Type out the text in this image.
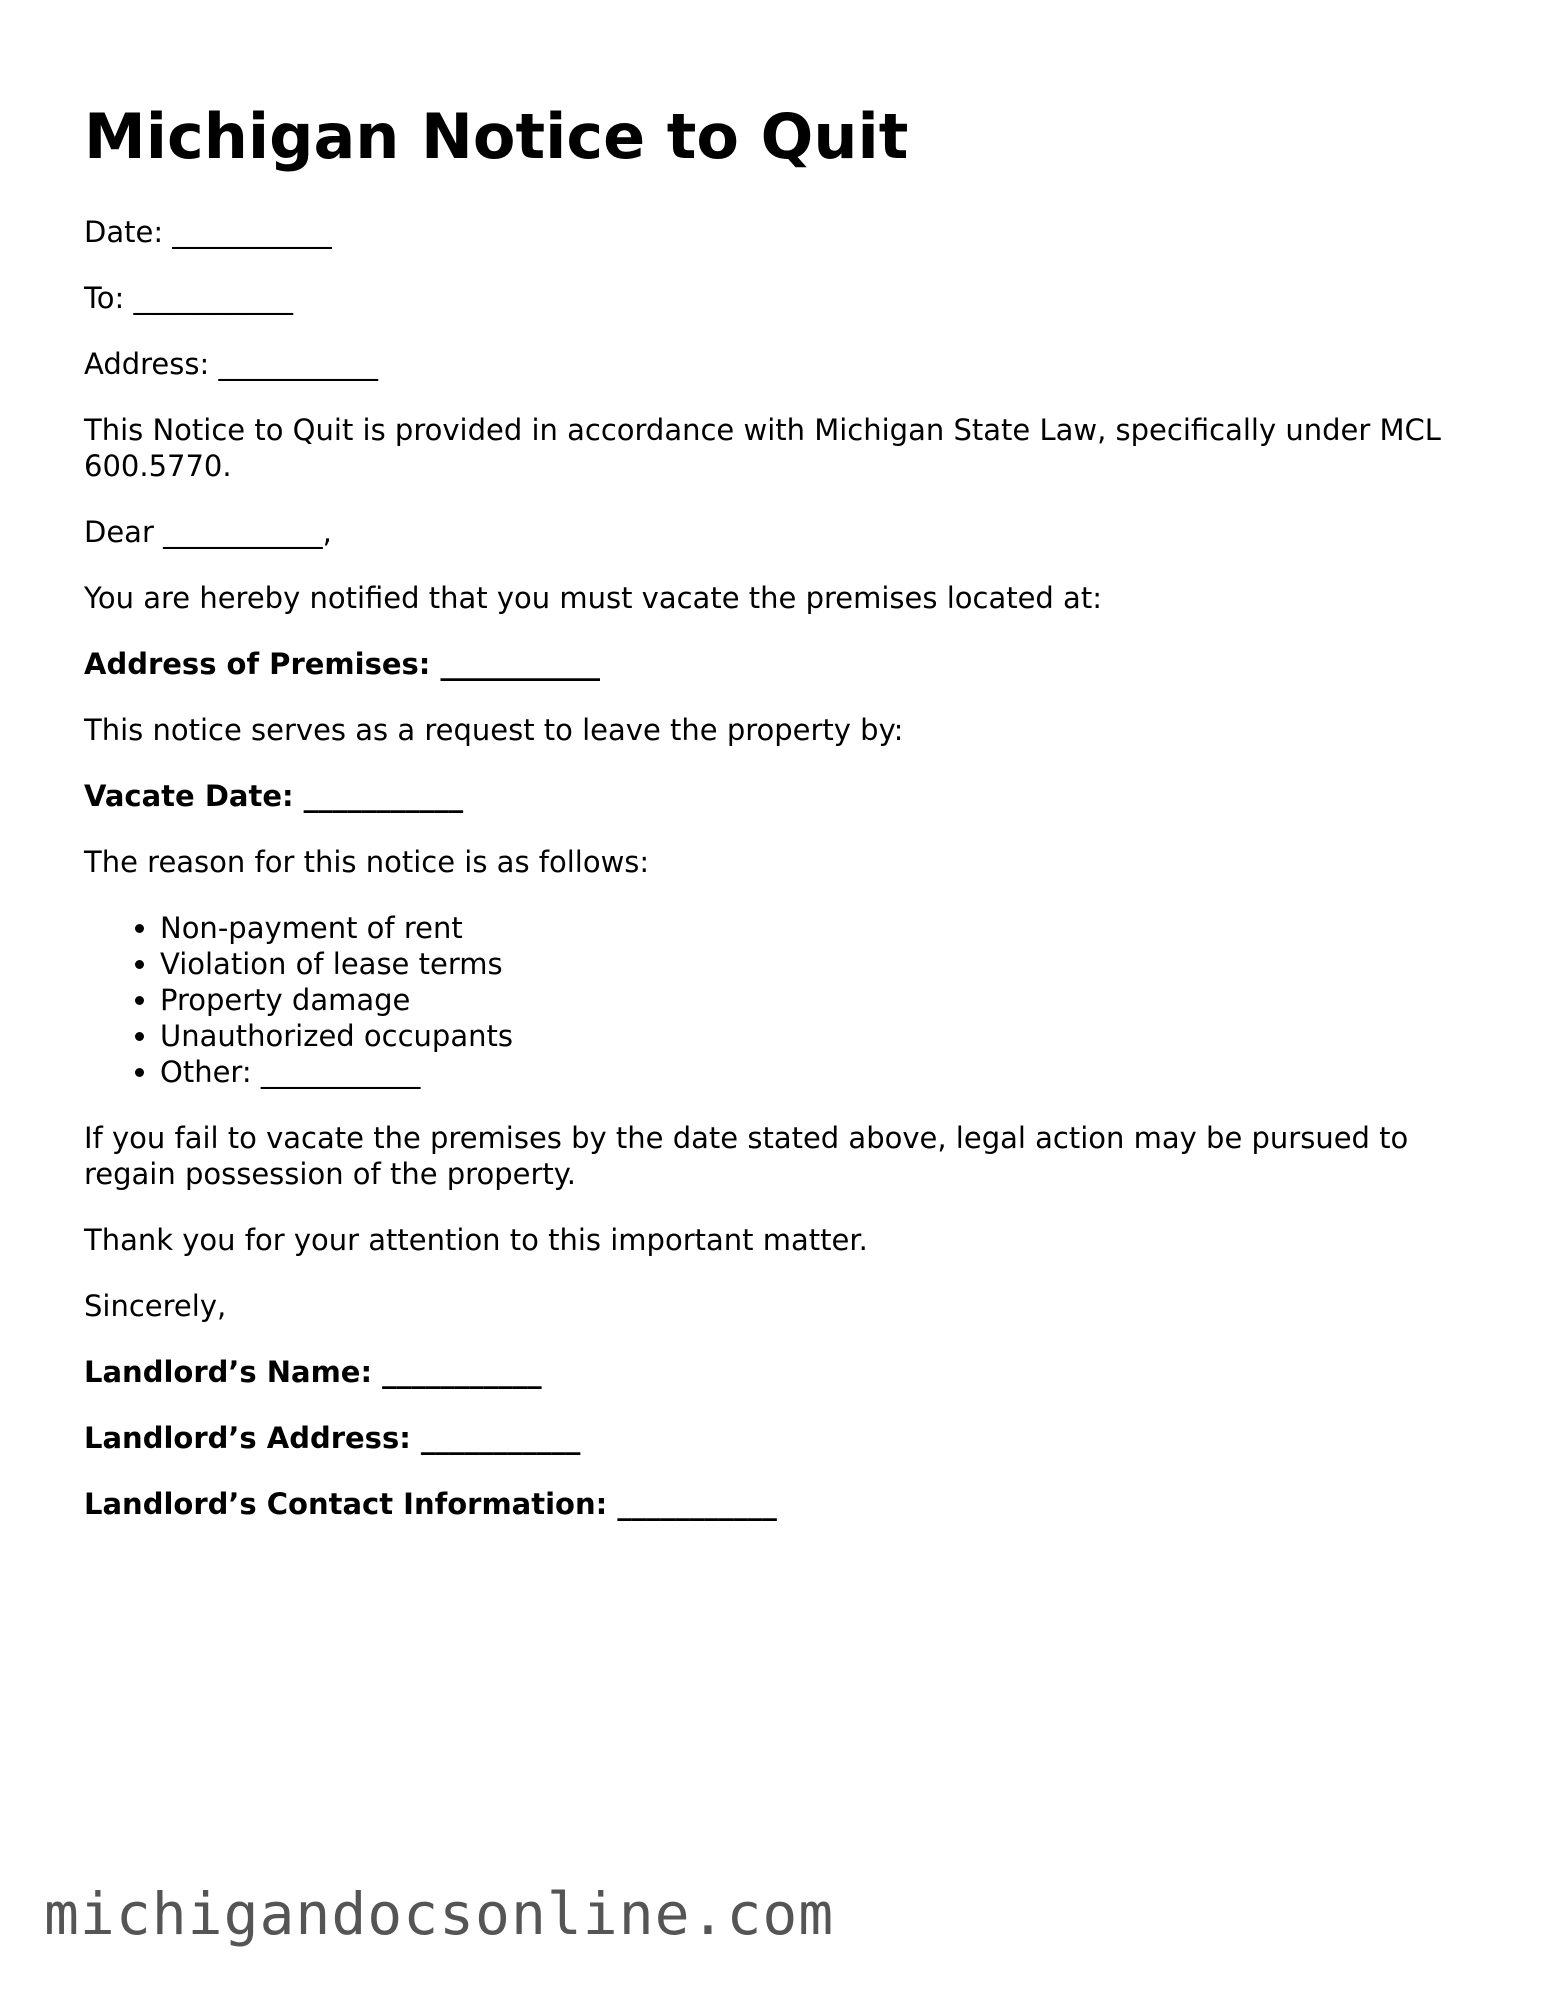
Michigan Notice to Quit

Date: ___________

To: ___________

Address: ___________

This Notice to Quit is provided in accordance with Michigan State Law, specifically under MCL 600.5770.

Dear ___________,

You are hereby notified that you must vacate the premises located at:

Address of Premises: ___________

This notice serves as a request to leave the property by:

Vacate Date: ___________

The reason for this notice is as follows:

• Non-payment of rent
• Violation of lease terms
• Property damage
• Unauthorized occupants
• Other: ___________

If you fail to vacate the premises by the date stated above, legal action may be pursued to regain possession of the property.

Thank you for your attention to this important matter.

Sincerely,

Landlord’s Name: ___________

Landlord’s Address: ___________

Landlord’s Contact Information: ___________

michigandocsonline.com
